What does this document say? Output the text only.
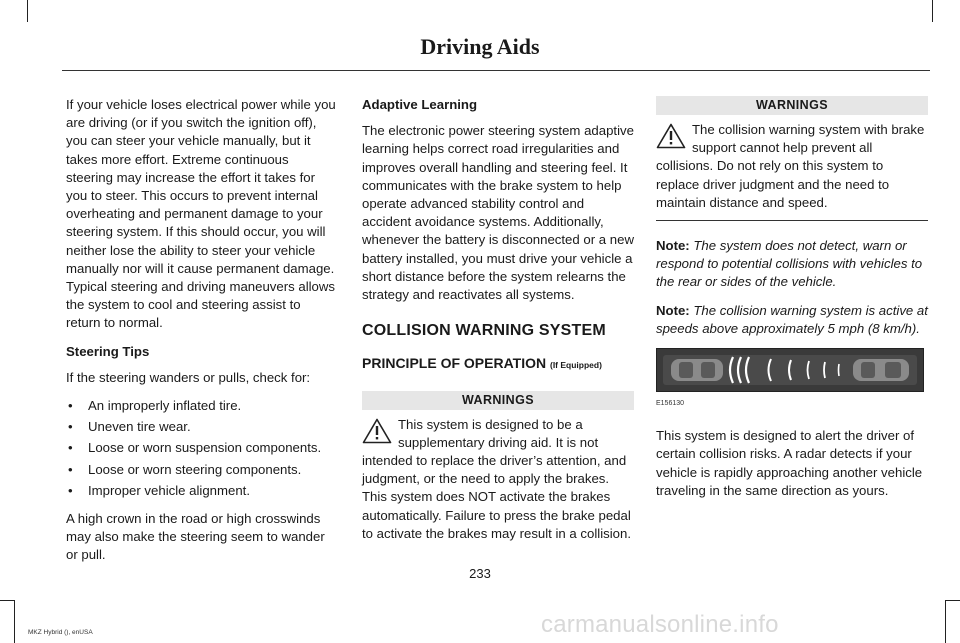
Driving Aids

If your vehicle loses electrical power while you are driving (or if you switch the ignition off), you can steer your vehicle manually, but it takes more effort. Extreme continuous steering may increase the effort it takes for you to steer. This occurs to prevent internal overheating and permanent damage to your steering system. If this should occur, you will neither lose the ability to steer your vehicle manually nor will it cause permanent damage. Typical steering and driving maneuvers allows the system to cool and steering assist to return to normal.

Steering Tips

If the steering wanders or pulls, check for:

• An improperly inflated tire.
• Uneven tire wear.
• Loose or worn suspension components.
• Loose or worn steering components.
• Improper vehicle alignment.

A high crown in the road or high crosswinds may also make the steering seem to wander or pull.

Adaptive Learning

The electronic power steering system adaptive learning helps correct road irregularities and improves overall handling and steering feel. It communicates with the brake system to help operate advanced stability control and accident avoidance systems. Additionally, whenever the battery is disconnected or a new battery installed, you must drive your vehicle a short distance before the system relearns the strategy and reactivates all systems.

COLLISION WARNING SYSTEM
PRINCIPLE OF OPERATION (If Equipped)
WARNINGS
This system is designed to be a supplementary driving aid. It is not intended to replace the driver’s attention, and judgment, or the need to apply the brakes. This system does NOT activate the brakes automatically. Failure to press the brake pedal to activate the brakes may result in a collision.
WARNINGS
The collision warning system with brake support cannot help prevent all collisions. Do not rely on this system to replace driver judgment and the need to maintain distance and speed.

Note: The system does not detect, warn or respond to potential collisions with vehicles to the rear or sides of the vehicle.

Note: The collision warning system is active at speeds above approximately 5 mph (8 km/h).

E156130

This system is designed to alert the driver of certain collision risks. A radar detects if your vehicle is rapidly approaching another vehicle traveling in the same direction as yours.

233
MKZ Hybrid (), enUSA	carmanualsonline.info
